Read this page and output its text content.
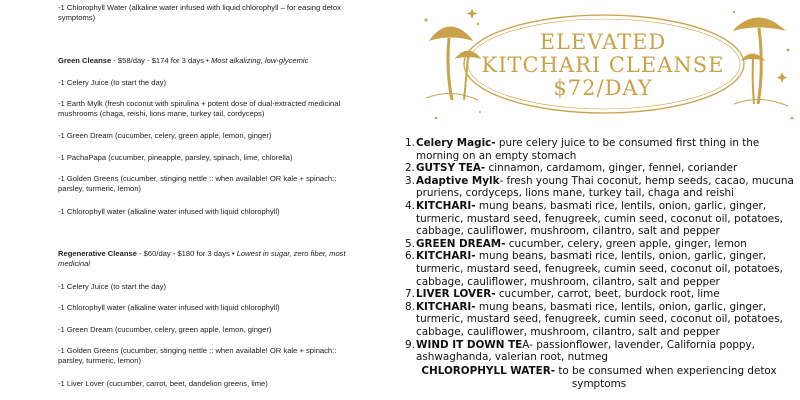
-1 Chlorophyll Water (alkaline water infused with liquid chlorophyll – for easing detox symptoms)

Green Cleanse - $58/day - $174 for 3 days • Most alkalizing, low-glycemic

-1 Celery Juice (to start the day)

-1 Earth Mylk (fresh coconut with spirulina + potent dose of dual-extracted medicinal mushrooms (chaga, reishi, lions mane, turkey tail, cordyceps)

-1 Green Dream (cucumber, celery, green apple, lemon, ginger)

-1 PachaPapa (cucumber, pineapple, parsley, spinach, lime, chlorella)

-1 Golden Greens (cucumber, stinging nettle :: when available! OR kale + spinach:: parsley, turmeric, lemon)

-1 Chlorophyll water (alkaline water infused with liquid chlorophyll)

Regenerative Cleanse - $60/day - $180 for 3 days • Lowest in sugar, zero fiber, most medicinal

-1 Celery Juice (to start the day)

-1 Chlorophyll water (alkaline water infused with liquid chlorophyll)

-1 Green Dream (cucumber, celery, green apple, lemon, ginger)

-1 Golden Greens (cucumber, stinging nettle :: when available! OR kale + spinach:: parsley, turmeric, lemon)

-1 Liver Lover (cucumber, carrot, beet, dandelion greens, lime)

ELEVATED
KITCHARI CLEANSE
$72/DAY
1. Celery Magic- pure celery juice to be consumed first thing in the morning on an empty stomach
2. GUTSY TEA- cinnamon, cardamom, ginger, fennel, coriander
3. Adaptive Mylk- fresh young Thai coconut, hemp seeds, cacao, mucuna pruriens, cordyceps, lions mane, turkey tail, chaga and reishi
4. KITCHARI- mung beans, basmati rice, lentils, onion, garlic, ginger, turmeric, mustard seed, fenugreek, cumin seed, coconut oil, potatoes, cabbage, cauliflower, mushroom, cilantro, salt and pepper
5. GREEN DREAM- cucumber, celery, green apple, ginger, lemon
6. KITCHARI- mung beans, basmati rice, lentils, onion, garlic, ginger, turmeric, mustard seed, fenugreek, cumin seed, coconut oil, potatoes, cabbage, cauliflower, mushroom, cilantro, salt and pepper
7. LIVER LOVER- cucumber, carrot, beet, burdock root, lime
8. KITCHARI- mung beans, basmati rice, lentils, onion, garlic, ginger, turmeric, mustard seed, fenugreek, cumin seed, coconut oil, potatoes, cabbage, cauliflower, mushroom, cilantro, salt and pepper
9. WIND IT DOWN TEA- passionflower, lavender, California poppy, ashwaghanda, valerian root, nutmeg
CHLOROPHYLL WATER- to be consumed when experiencing detox symptoms
